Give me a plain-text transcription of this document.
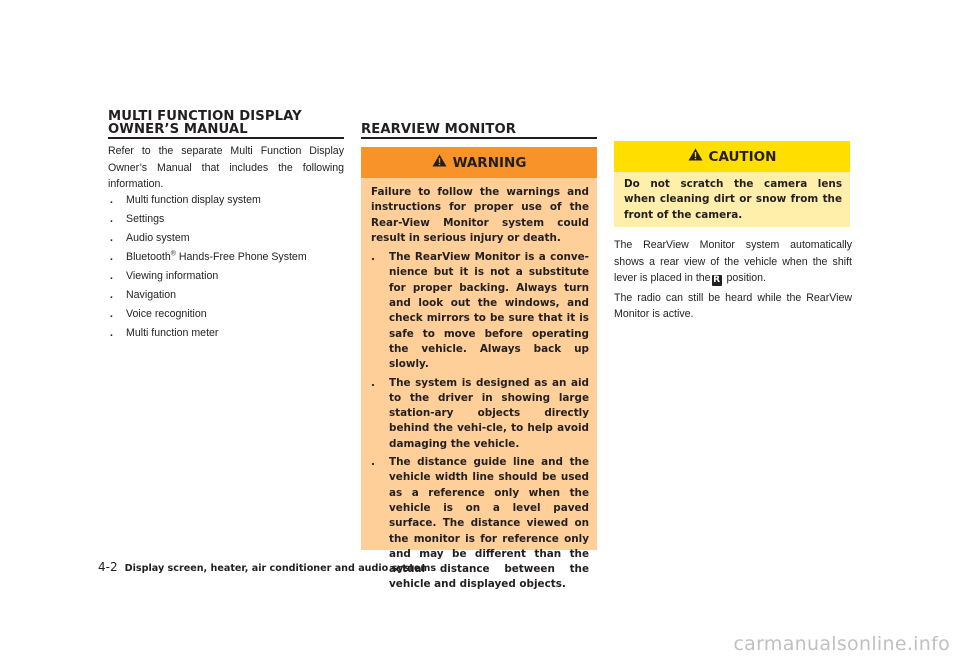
MULTI FUNCTION DISPLAY
OWNER’S MANUAL

Refer to the separate Multi Function Display Owner’s Manual that includes the following information.

. Multi function display system
. Settings
. Audio system
. Bluetooth® Hands-Free Phone System
. Viewing information
. Navigation
. Voice recognition
. Multi function meter
REARVIEW MONITOR
WARNING

Failure to follow the warnings and instructions for proper use of the Rear-View Monitor system could result in serious injury or death.

. The RearView Monitor is a conve-nience but it is not a substitute for proper backing. Always turn and look out the windows, and check mirrors to be sure that it is safe to move before operating the vehicle. Always back up slowly.
. The system is designed as an aid to the driver in showing large station-ary objects directly behind the vehi-cle, to help avoid damaging the vehicle.
. The distance guide line and the vehicle width line should be used as a reference only when the vehicle is on a level paved surface. The distance viewed on the monitor is for reference only and may be different than the actual distance between the vehicle and displayed objects.
CAUTION

Do not scratch the camera lens when cleaning dirt or snow from the front of the camera.

The RearView Monitor system automatically shows a rear view of the vehicle when the shift lever is placed in the R position.

The radio can still be heard while the RearView Monitor is active.

4-2 Display screen, heater, air conditioner and audio systems
carmanualsonline.info
